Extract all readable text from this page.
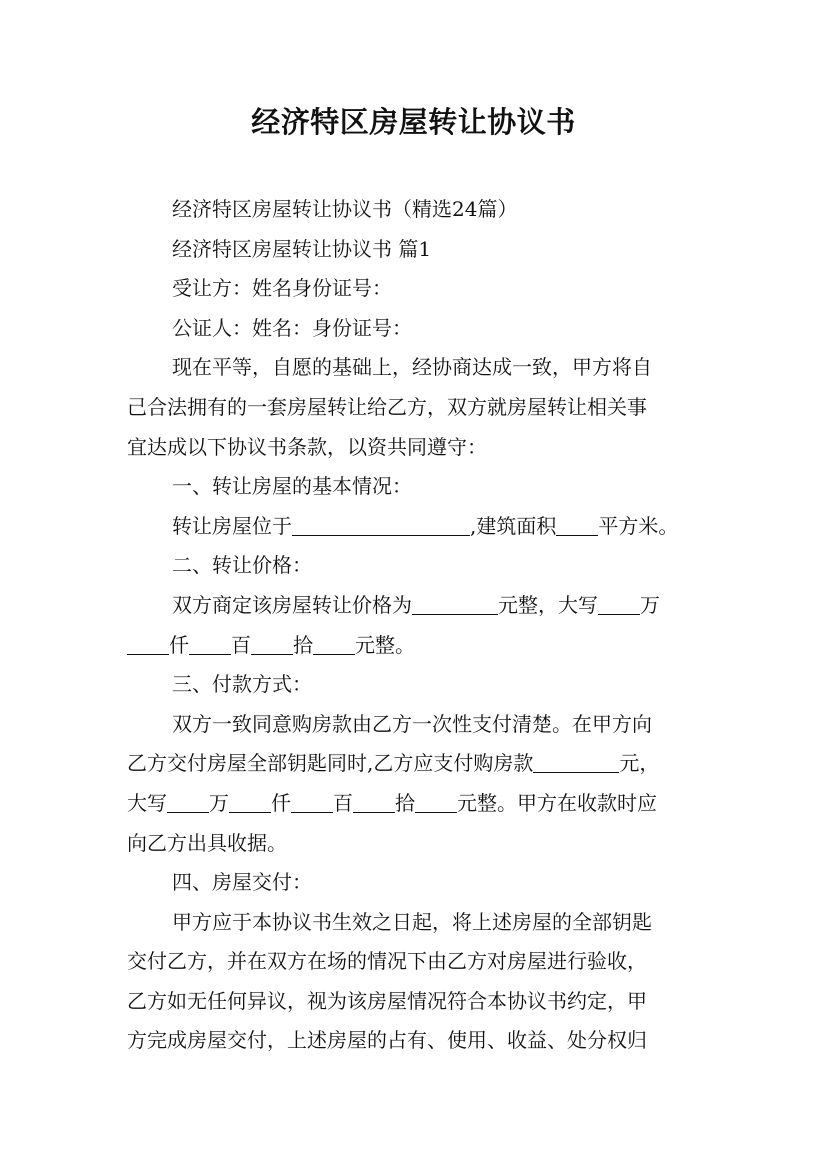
经济特区房屋转让协议书
经济特区房屋转让协议书（精选24篇）
经济特区房屋转让协议书 篇1
受让方：姓名身份证号：
公证人：姓名：身份证号：
现在平等，自愿的基础上，经协商达成一致，甲方将自
己合法拥有的一套房屋转让给乙方，双方就房屋转让相关事
宜达成以下协议书条款，以资共同遵守：
一、转让房屋的基本情况：
转让房屋位于	,建筑面积 平方米。
二、转让价格：
双方商定该房屋转让价格为	元整，大写 万
仟 百 拾 元整。
三、付款方式：
双方一致同意购房款由乙方一次性支付清楚。在甲方向
乙方交付房屋全部钥匙同时,乙方应支付购房款	元，
大写 万 仟 百 拾 元整。甲方在收款时应
向乙方出具收据。
四、房屋交付：
甲方应于本协议书生效之日起，将上述房屋的全部钥匙
交付乙方，并在双方在场的情况下由乙方对房屋进行验收，
乙方如无任何异议，视为该房屋情况符合本协议书约定，甲
方完成房屋交付，上述房屋的占有、使用、收益、处分权归
